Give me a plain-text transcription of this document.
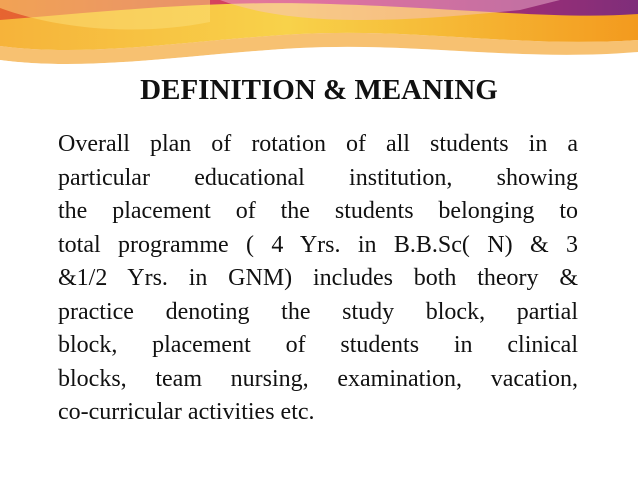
DEFINITION & MEANING
Overall plan of rotation of all students in a
particular educational institution, showing
the placement of the students belonging to
total programme ( 4 Yrs. in B.B.Sc( N) & 3
&1/2 Yrs. in GNM) includes both theory &
practice denoting the study block, partial
block, placement of students in clinical
blocks, team nursing, examination, vacation,
co-curricular activities etc.
